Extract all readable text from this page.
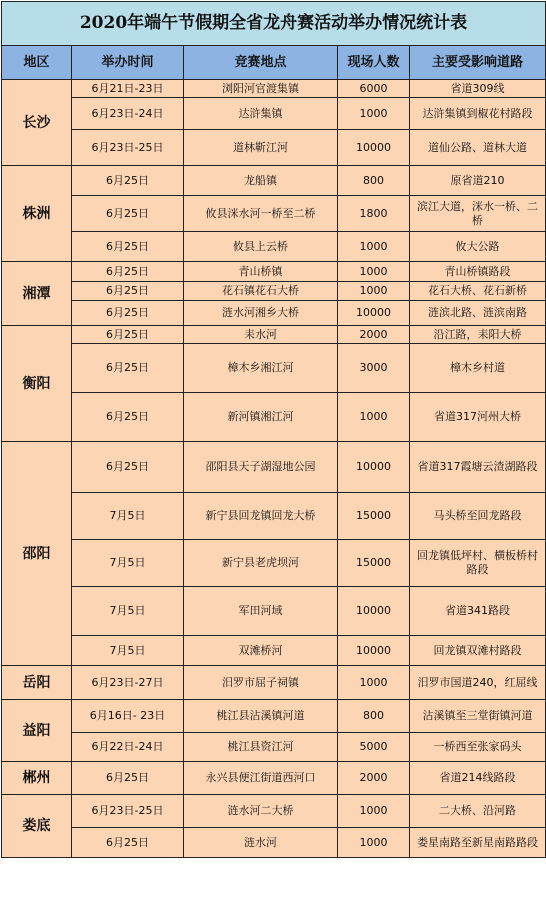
2020年端午节假期全省龙舟赛活动举办情况统计表
地区	举办时间	竞赛地点	现场人数	主要受影响道路
长沙	6月21日-23日	浏阳河官渡集镇	6000	省道309线
	6月23日-24日	达浒集镇	1000	达浒集镇到椒花村路段
	6月23日-25日	道林靳江河	10000	道仙公路、道林大道
株洲	6月25日	龙船镇	800	原省道210
	6月25日	攸县洣水河一桥至二桥	1800	滨江大道，洣水一桥、二桥
	6月25日	攸县上云桥	1000	攸大公路
湘潭	6月25日	青山桥镇	1000	青山桥镇路段
	6月25日	花石镇花石大桥	1000	花石大桥、花石新桥
	6月25日	涟水河湘乡大桥	10000	涟滨北路、涟滨南路
衡阳	6月25日	耒水河	2000	沿江路，耒阳大桥
	6月25日	樟木乡湘江河	3000	樟木乡村道
	6月25日	新河镇湘江河	1000	省道317河州大桥
邵阳	6月25日	邵阳县天子湖湿地公园	10000	省道317霞塘云渣湖路段
	7月5日	新宁县回龙镇回龙大桥	15000	马头桥至回龙路段
	7月5日	新宁县老虎坝河	15000	回龙镇低坪村、横板桥村路段
	7月5日	军田河域	10000	省道341路段
	7月5日	双滩桥河	10000	回龙镇双滩村路段
岳阳	6月23日-27日	汨罗市屈子祠镇	1000	汨罗市国道240，红屈线
益阳	6月16日- 23日	桃江县沾溪镇河道	800	沾溪镇至三堂街镇河道
	6月22日-24日	桃江县资江河	5000	一桥西至张家码头
郴州	6月25日	永兴县便江街道西河口	2000	省道214线路段
娄底	6月23日-25日	涟水河二大桥	1000	二大桥、沿河路
	6月25日	涟水河	1000	娄星南路至新星南路路段
